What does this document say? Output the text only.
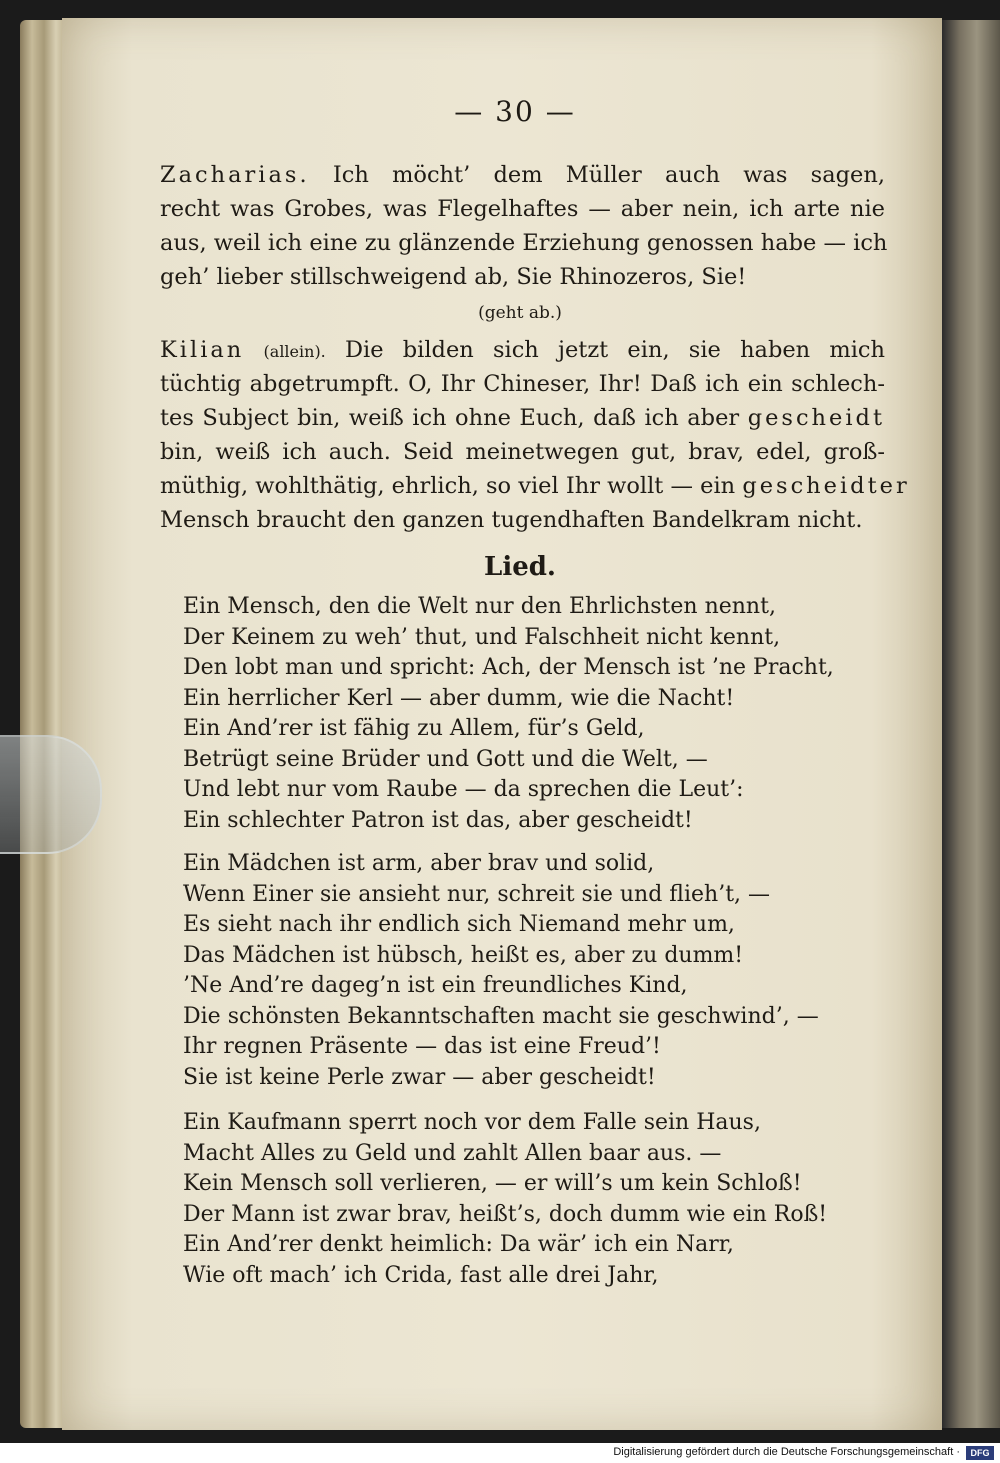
— 30 —
Zacharias. Ich möcht’ dem Müller auch was sagen,
recht was Grobes, was Flegelhaftes — aber nein, ich arte nie
aus, weil ich eine zu glänzende Erziehung genossen habe — ich
geh’ lieber stillschweigend ab, Sie Rhinozeros, Sie!
(geht ab.)
Kilian (allein). Die bilden sich jetzt ein, sie haben mich
tüchtig abgetrumpft. O, Ihr Chineser, Ihr! Daß ich ein schlech-
tes Subject bin, weiß ich ohne Euch, daß ich aber gescheidt
bin, weiß ich auch. Seid meinetwegen gut, brav, edel, groß-
müthig, wohlthätig, ehrlich, so viel Ihr wollt — ein gescheidter
Mensch braucht den ganzen tugendhaften Bandelkram nicht.
Lied.
Ein Mensch, den die Welt nur den Ehrlichsten nennt,
Der Keinem zu weh’ thut, und Falschheit nicht kennt,
Den lobt man und spricht: Ach, der Mensch ist ’ne Pracht,
Ein herrlicher Kerl — aber dumm, wie die Nacht!
Ein And’rer ist fähig zu Allem, für’s Geld,
Betrügt seine Brüder und Gott und die Welt, —
Und lebt nur vom Raube — da sprechen die Leut’:
Ein schlechter Patron ist das, aber gescheidt!
Ein Mädchen ist arm, aber brav und solid,
Wenn Einer sie ansieht nur, schreit sie und flieh’t, —
Es sieht nach ihr endlich sich Niemand mehr um,
Das Mädchen ist hübsch, heißt es, aber zu dumm!
’Ne And’re dageg’n ist ein freundliches Kind,
Die schönsten Bekanntschaften macht sie geschwind’, —
Ihr regnen Präsente — das ist eine Freud’!
Sie ist keine Perle zwar — aber gescheidt!
Ein Kaufmann sperrt noch vor dem Falle sein Haus,
Macht Alles zu Geld und zahlt Allen baar aus. —
Kein Mensch soll verlieren, — er will’s um kein Schloß!
Der Mann ist zwar brav, heißt’s, doch dumm wie ein Roß!
Ein And’rer denkt heimlich: Da wär’ ich ein Narr,
Wie oft mach’ ich Crida, fast alle drei Jahr,
Digitalisierung gefördert durch die Deutsche Forschungsgemeinschaft ·	DFG
